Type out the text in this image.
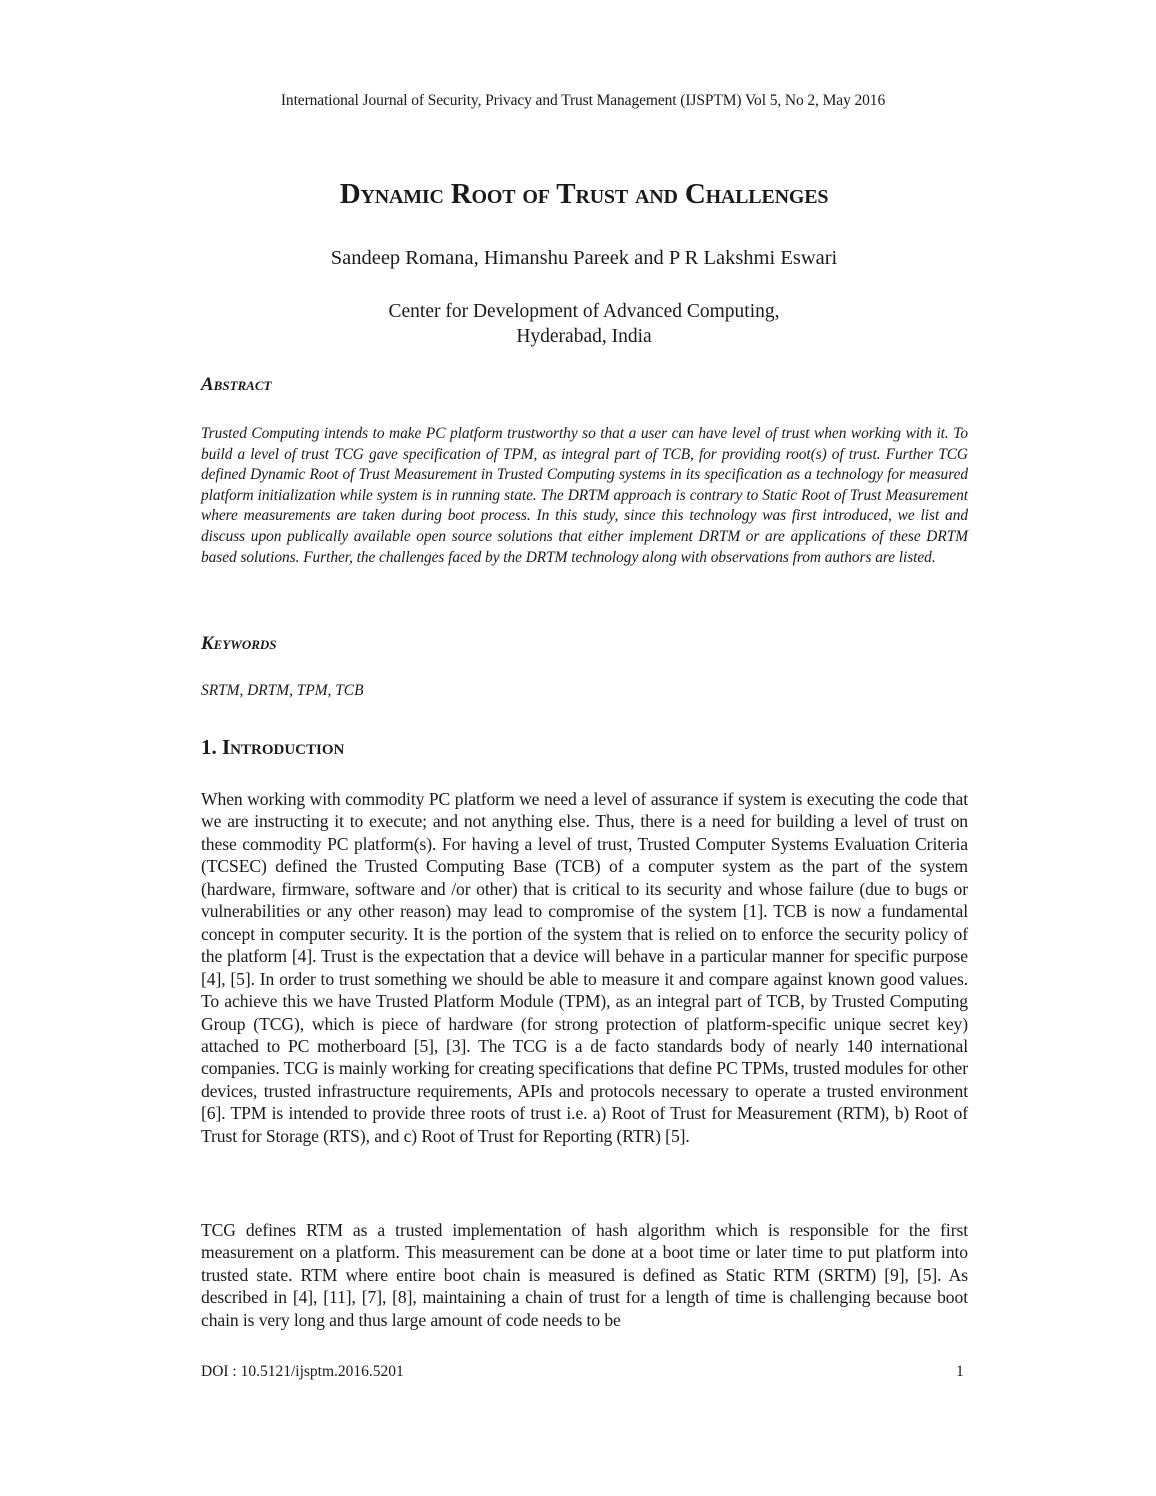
International Journal of Security, Privacy and Trust Management (IJSPTM) Vol 5, No 2, May 2016
Dynamic Root of Trust and Challenges
Sandeep Romana, Himanshu Pareek and P R Lakshmi Eswari
Center for Development of Advanced Computing,
Hyderabad, India
Abstract
Trusted Computing intends to make PC platform trustworthy so that a user can have level of trust when working with it. To build a level of trust TCG gave specification of TPM, as integral part of TCB, for providing root(s) of trust. Further TCG defined Dynamic Root of Trust Measurement in Trusted Computing systems in its specification as a technology for measured platform initialization while system is in running state. The DRTM approach is contrary to Static Root of Trust Measurement where measurements are taken during boot process. In this study, since this technology was first introduced, we list and discuss upon publically available open source solutions that either implement DRTM or are applications of these DRTM based solutions. Further, the challenges faced by the DRTM technology along with observations from authors are listed.
Keywords
SRTM, DRTM, TPM, TCB
1. Introduction
When working with commodity PC platform we need a level of assurance if system is executing the code that we are instructing it to execute; and not anything else. Thus, there is a need for building a level of trust on these commodity PC platform(s). For having a level of trust, Trusted Computer Systems Evaluation Criteria (TCSEC) defined the Trusted Computing Base (TCB) of a computer system as the part of the system (hardware, firmware, software and /or other) that is critical to its security and whose failure (due to bugs or vulnerabilities or any other reason) may lead to compromise of the system [1]. TCB is now a fundamental concept in computer security. It is the portion of the system that is relied on to enforce the security policy of the platform [4]. Trust is the expectation that a device will behave in a particular manner for specific purpose [4], [5]. In order to trust something we should be able to measure it and compare against known good values. To achieve this we have Trusted Platform Module (TPM), as an integral part of TCB, by Trusted Computing Group (TCG), which is piece of hardware (for strong protection of platform-specific unique secret key) attached to PC motherboard [5], [3]. The TCG is a de facto standards body of nearly 140 international companies. TCG is mainly working for creating specifications that define PC TPMs, trusted modules for other devices, trusted infrastructure requirements, APIs and protocols necessary to operate a trusted environment [6]. TPM is intended to provide three roots of trust i.e. a) Root of Trust for Measurement (RTM), b) Root of Trust for Storage (RTS), and c) Root of Trust for Reporting (RTR) [5].
TCG defines RTM as a trusted implementation of hash algorithm which is responsible for the first measurement on a platform. This measurement can be done at a boot time or later time to put platform into trusted state. RTM where entire boot chain is measured is defined as Static RTM (SRTM) [9], [5]. As described in [4], [11], [7], [8], maintaining a chain of trust for a length of time is challenging because boot chain is very long and thus large amount of code needs to be
DOI : 10.5121/ijsptm.2016.5201	1
